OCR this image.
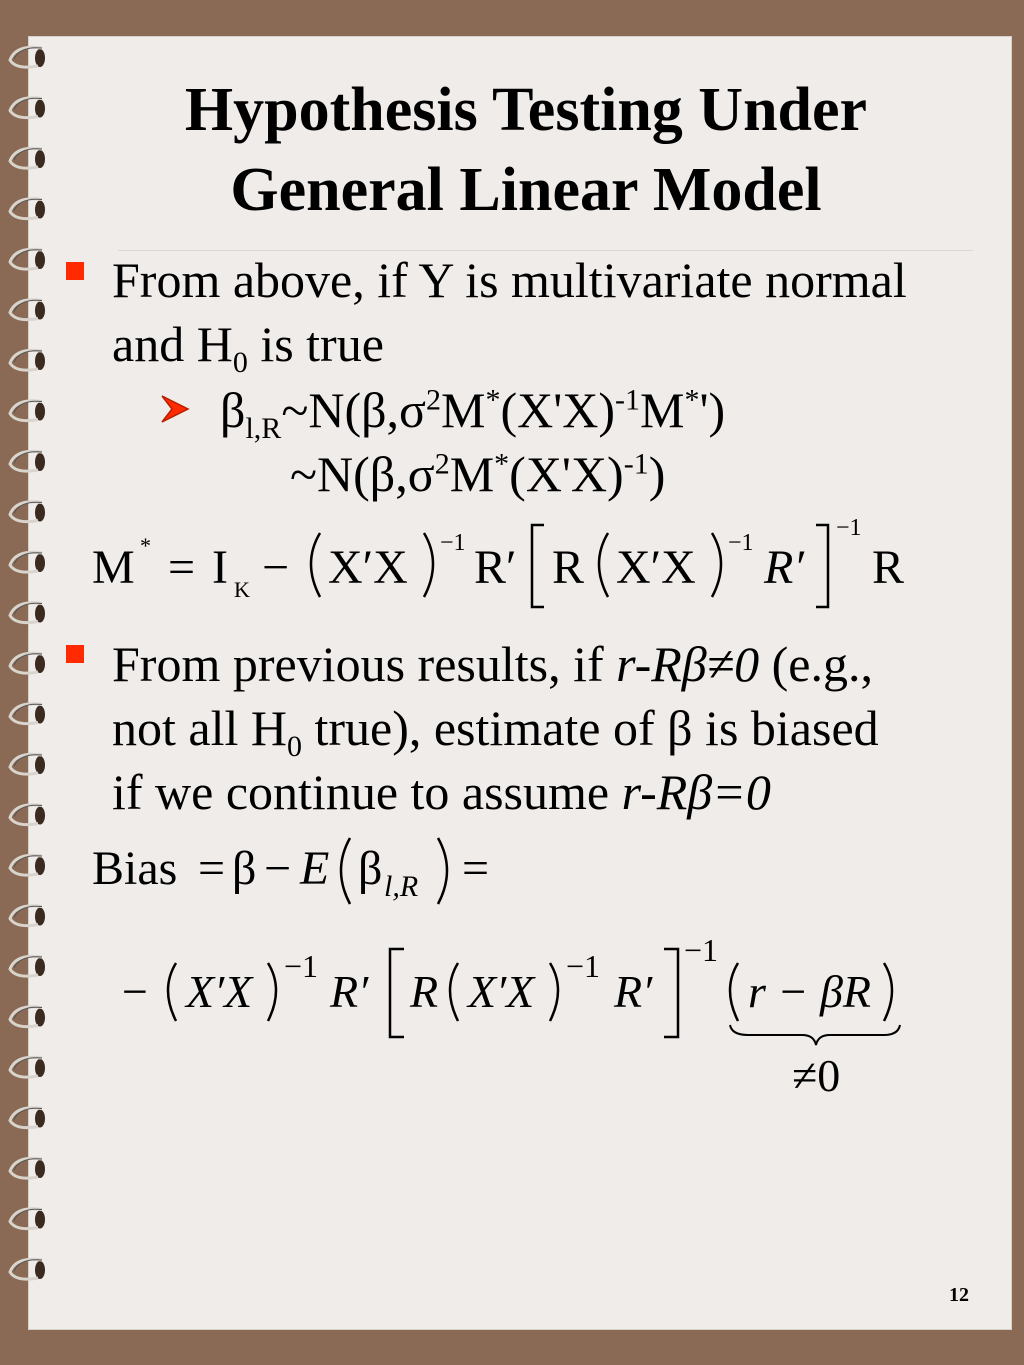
Hypothesis Testing Under
General Linear Model
From above, if Y is multivariate normal
and $H_0$ is true
$\beta_{l,R}\sim N(\beta,\sigma^2M^*(X'X)^{-1}M^*')$
$\sim N(\beta,\sigma^2M^*(X'X)^{-1})$
M * = I K − X′X −1 R′ R X′X −1 R′
−1
R
From previous results, if r-Rβ≠0 (e.g.,
not all $H_0$ true), estimate of β is biased
if we continue to assume r-Rβ=0
Bias = β − E β l,R =
− X′X −1 R′ R X′X −1 R′
−1
r − βR
≠0
12
